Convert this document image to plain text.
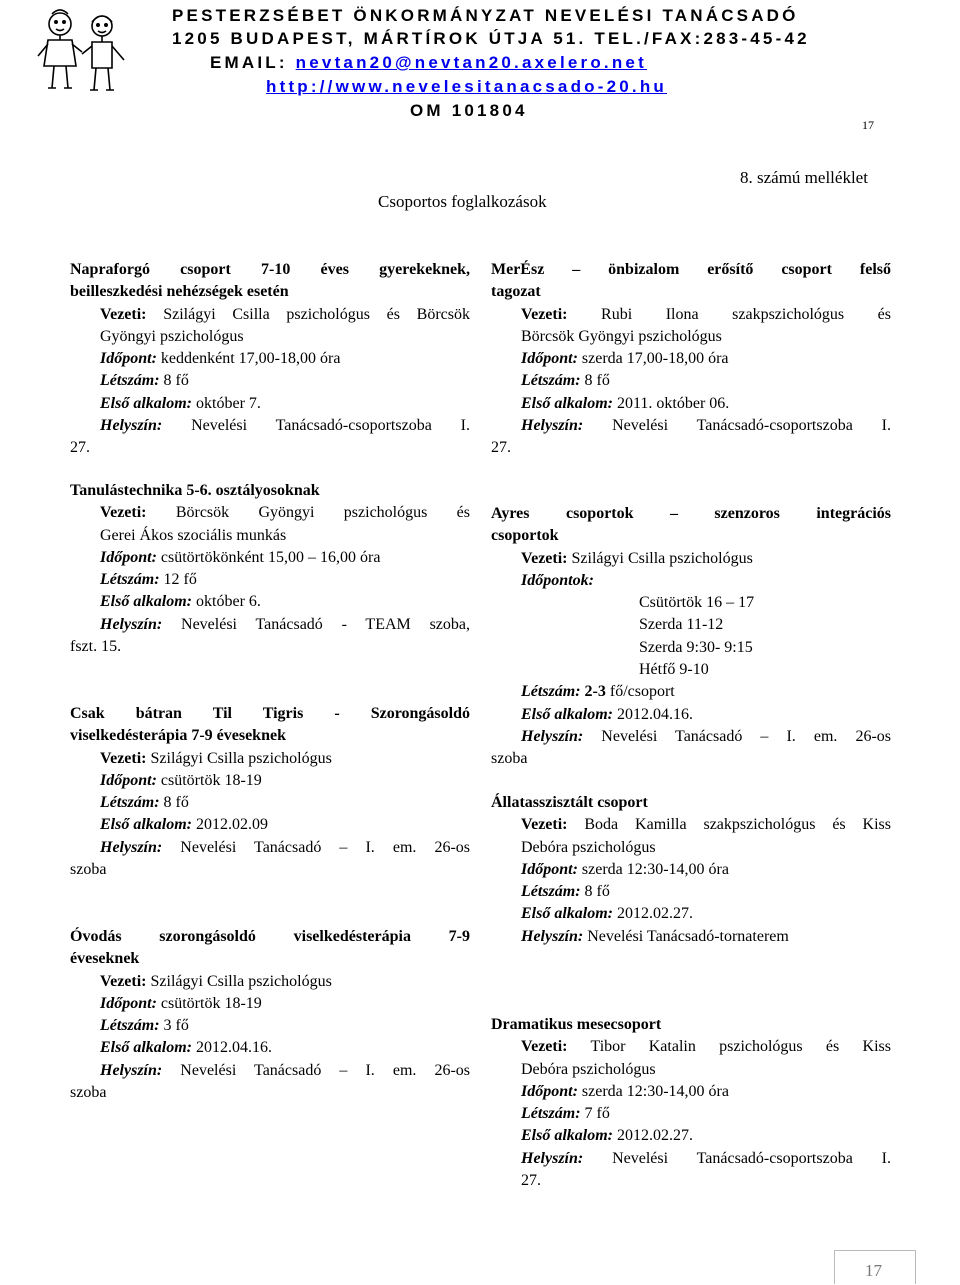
PESTERZSÉBET ÖNKORMÁNYZAT NEVELÉSI TANÁCSADÓ
1205 BUDAPEST, MÁRTÍROK ÚTJA 51. TEL./FAX:283-45-42
EMAIL: nevtan20@nevtan20.axelero.net
http://www.nevelesitanacsado-20.hu
OM 101804
17
8. számú melléklet
Csoportos foglalkozások
Napraforgó csoport 7-10 éves gyerekeknek,
beilleszkedési nehézségek esetén
Vezeti: Szilágyi Csilla pszichológus és Börcsök
Gyöngyi pszichológus
Időpont: keddenként 17,00-18,00 óra
Létszám: 8 fő
Első alkalom: október 7.
Helyszín: Nevelési Tanácsadó-csoportszoba I.
27.
Tanulástechnika 5-6. osztályosoknak
Vezeti: Börcsök Gyöngyi pszichológus és
Gerei Ákos szociális munkás
Időpont: csütörtökönként 15,00 – 16,00 óra
Létszám: 12 fő
Első alkalom: október 6.
Helyszín: Nevelési Tanácsadó - TEAM szoba,
fszt. 15.
Csak bátran Til Tigris - Szorongásoldó
viselkedésterápia 7-9 éveseknek
Vezeti: Szilágyi Csilla pszichológus
Időpont: csütörtök 18-19
Létszám: 8 fő
Első alkalom: 2012.02.09
Helyszín: Nevelési Tanácsadó – I. em. 26-os
szoba
Óvodás szorongásoldó viselkedésterápia 7-9
éveseknek
Vezeti: Szilágyi Csilla pszichológus
Időpont: csütörtök 18-19
Létszám: 3 fő
Első alkalom: 2012.04.16.
Helyszín: Nevelési Tanácsadó – I. em. 26-os
szoba
MerÉsz – önbizalom erősítő csoport felső
tagozat
Vezeti: Rubi Ilona szakpszichológus és
Börcsök Gyöngyi pszichológus
Időpont: szerda 17,00-18,00 óra
Létszám: 8 fő
Első alkalom: 2011. október 06.
Helyszín: Nevelési Tanácsadó-csoportszoba I.
27.
Ayres csoportok – szenzoros integrációs
csoportok
Vezeti: Szilágyi Csilla pszichológus
Időpontok:
Csütörtök 16 – 17
Szerda 11-12
Szerda 9:30- 9:15
Hétfő 9-10
Létszám: 2-3 fő/csoport
Első alkalom: 2012.04.16.
Helyszín: Nevelési Tanácsadó – I. em. 26-os
szoba
Állatasszisztált csoport
Vezeti: Boda Kamilla szakpszichológus és Kiss
Debóra pszichológus
Időpont: szerda 12:30-14,00 óra
Létszám: 8 fő
Első alkalom: 2012.02.27.
Helyszín: Nevelési Tanácsadó-tornaterem
Dramatikus mesecsoport
Vezeti: Tibor Katalin pszichológus és Kiss
Debóra pszichológus
Időpont: szerda 12:30-14,00 óra
Létszám: 7 fő
Első alkalom: 2012.02.27.
Helyszín: Nevelési Tanácsadó-csoportszoba I.
27.
17
